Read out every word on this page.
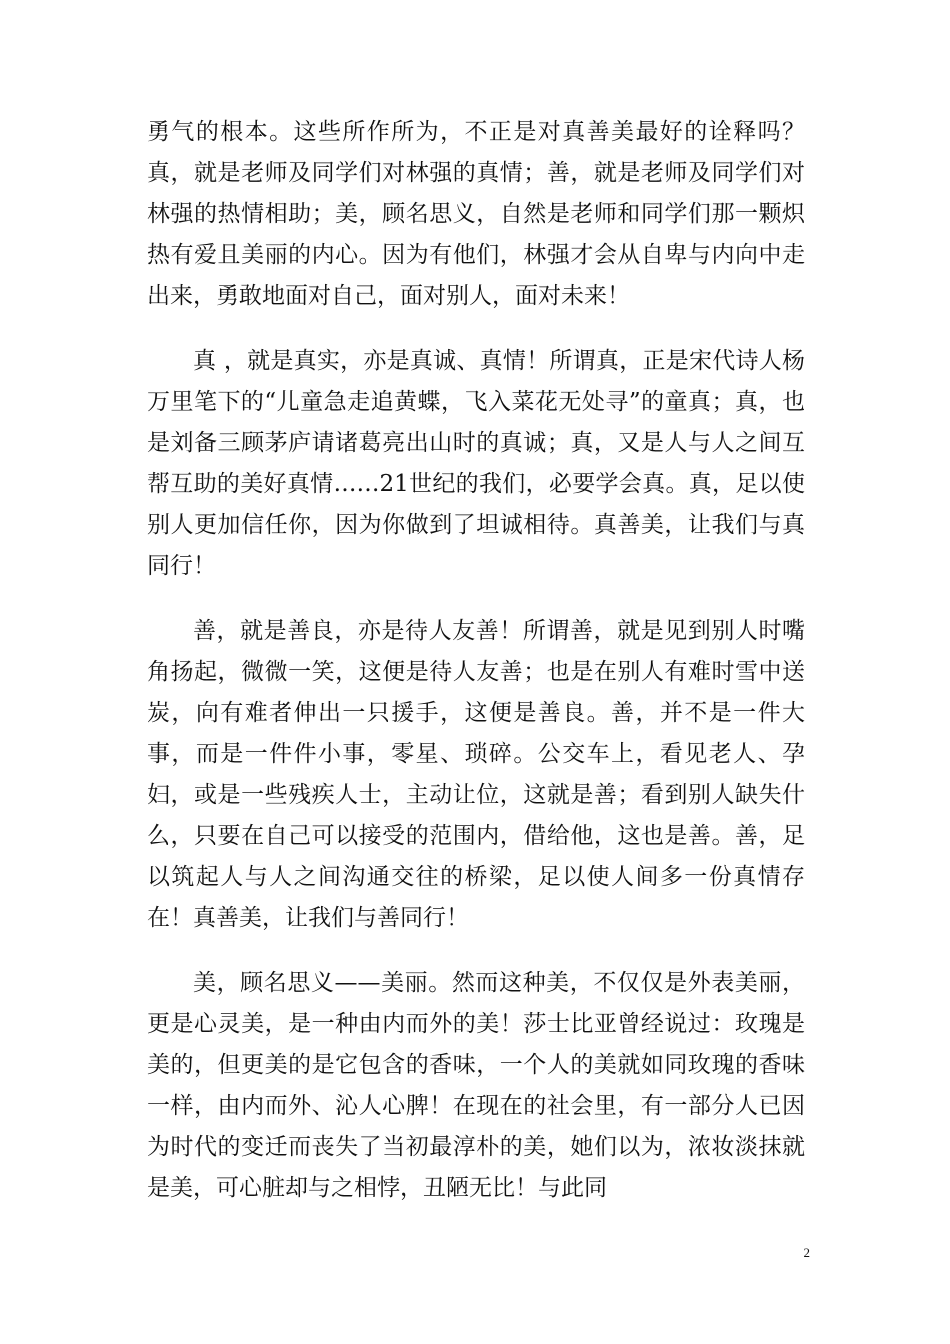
勇气的根本。这些所作所为，不正是对真善美最好的诠释吗？真，就是老师及同学们对林强的真情；善，就是老师及同学们对林强的热情相助；美，顾名思义，自然是老师和同学们那一颗炽热有爱且美丽的内心。因为有他们，林强才会从自卑与内向中走出来，勇敢地面对自己，面对别人，面对未来！

真 ，就是真实，亦是真诚、真情！所谓真，正是宋代诗人杨万里笔下的“儿童急走追黄蝶，飞入菜花无处寻”的童真；真，也是刘备三顾茅庐请诸葛亮出山时的真诚；真，又是人与人之间互帮互助的美好真情……21世纪的我们，必要学会真。真，足以使别人更加信任你，因为你做到了坦诚相待。真善美，让我们与真同行！

善，就是善良，亦是待人友善！所谓善，就是见到别人时嘴角扬起，微微一笑，这便是待人友善；也是在别人有难时雪中送炭，向有难者伸出一只援手，这便是善良。善，并不是一件大事，而是一件件小事，零星、琐碎。公交车上，看见老人、孕妇，或是一些残疾人士，主动让位，这就是善；看到别人缺失什么，只要在自己可以接受的范围内，借给他，这也是善。善，足以筑起人与人之间沟通交往的桥梁，足以使人间多一份真情存在！真善美，让我们与善同行！

美，顾名思义——美丽。然而这种美，不仅仅是外表美丽，更是心灵美，是一种由内而外的美！莎士比亚曾经说过：玫瑰是美的，但更美的是它包含的香味，一个人的美就如同玫瑰的香味一样，由内而外、沁人心脾！在现在的社会里，有一部分人已因为时代的变迁而丧失了当初最淳朴的美，她们以为，浓妆淡抹就是美，可心脏却与之相悖，丑陋无比！与此同

2
